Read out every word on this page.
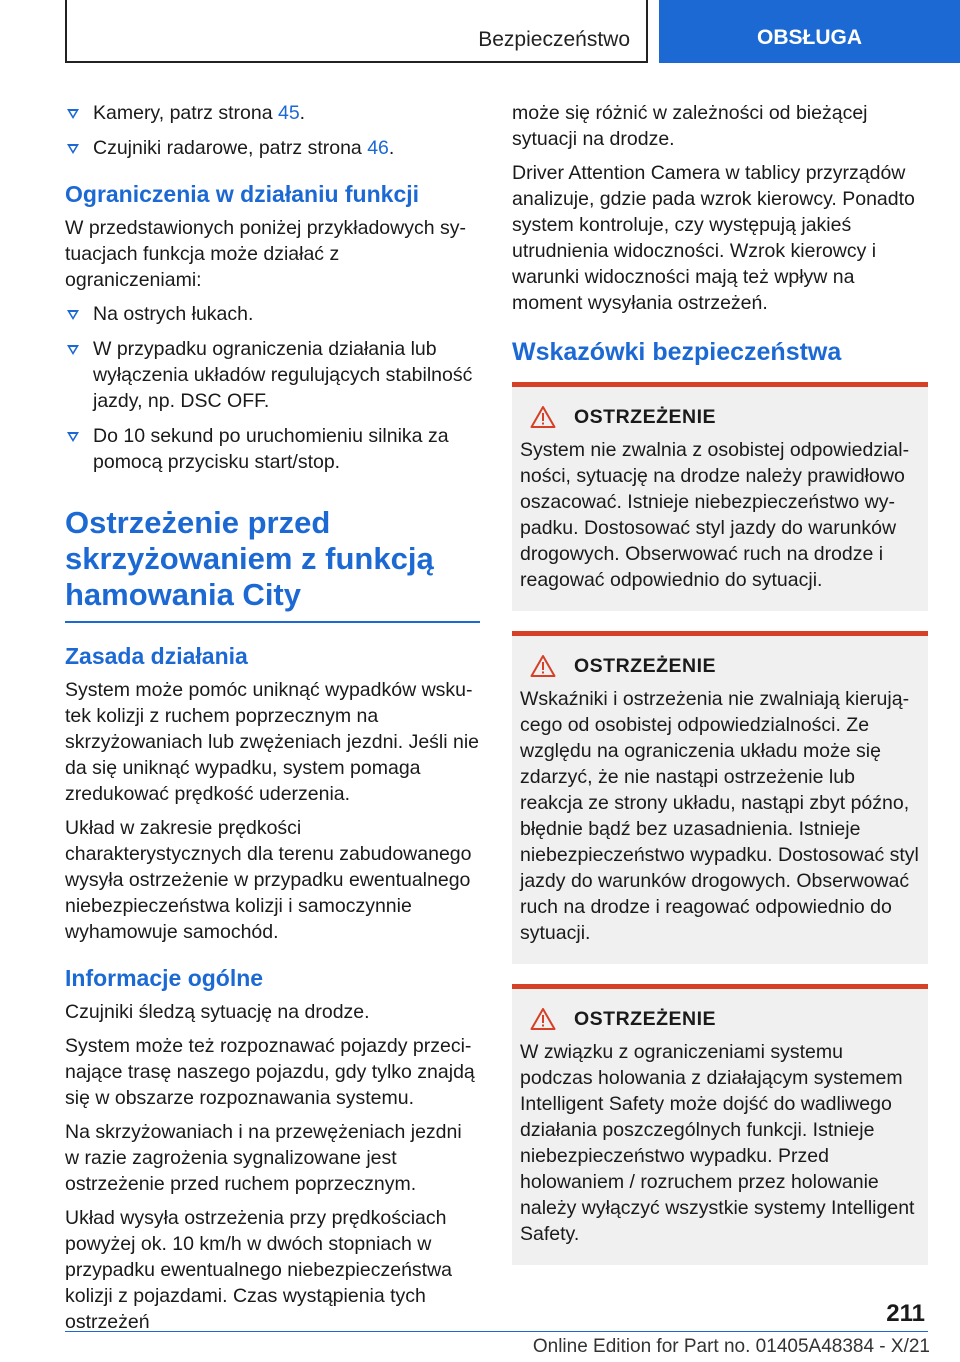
Bezpieczeństwo	OBSŁUGA
Kamery, patrz strona 45.
Czujniki radarowe, patrz strona 46.
Ograniczenia w działaniu funkcji

W przedstawionych poniżej przykładowych sytuacjach funkcja może działać z ograniczeniami:

Na ostrych łukach.
W przypadku ograniczenia działania lub wyłączenia układów regulujących stabilność jazdy, np. DSC OFF.
Do 10 sekund po uruchomieniu silnika za pomocą przycisku start/stop.
Ostrzeżenie przed skrzyżowaniem z funkcją hamowania City
Zasada działania

System może pomóc uniknąć wypadków wskutek kolizji z ruchem poprzecznym na skrzyżowaniach lub zwężeniach jezdni. Jeśli nie da się uniknąć wypadku, system pomaga zredukować prędkość uderzenia.

Układ w zakresie prędkości charakterystycznych dla terenu zabudowanego wysyła ostrzeżenie w przypadku ewentualnego niebezpieczeństwa kolizji i samoczynnie wyhamowuje samochód.

Informacje ogólne

Czujniki śledzą sytuację na drodze.

System może też rozpoznawać pojazdy przecinające trasę naszego pojazdu, gdy tylko znajdą się w obszarze rozpoznawania systemu.

Na skrzyżowaniach i na przewężeniach jezdni w razie zagrożenia sygnalizowane jest ostrzeżenie przed ruchem poprzecznym.

Układ wysyła ostrzeżenia przy prędkościach powyżej ok. 10 km/h w dwóch stopniach w przypadku ewentualnego niebezpieczeństwa kolizji z pojazdami. Czas wystąpienia tych ostrzeżeń

może się różnić w zależności od bieżącej sytuacji na drodze.

Driver Attention Camera w tablicy przyrządów analizuje, gdzie pada wzrok kierowcy. Ponadto system kontroluje, czy występują jakieś utrudnienia widoczności. Wzrok kierowcy i warunki widoczności mają też wpływ na moment wysyłania ostrzeżeń.

Wskazówki bezpieczeństwa
OSTRZEŻENIE

System nie zwalnia z osobistej odpowiedzialności, sytuację na drodze należy prawidłowo oszacować. Istnieje niebezpieczeństwo wypadku. Dostosować styl jazdy do warunków drogowych. Obserwować ruch na drodze i reagować odpowiednio do sytuacji.

OSTRZEŻENIE

Wskaźniki i ostrzeżenia nie zwalniają kierującego od osobistej odpowiedzialności. Ze względu na ograniczenia układu może się zdarzyć, że nie nastąpi ostrzeżenie lub reakcja ze strony układu, nastąpi zbyt późno, błędnie bądź bez uzasadnienia. Istnieje niebezpieczeństwo wypadku. Dostosować styl jazdy do warunków drogowych. Obserwować ruch na drodze i reagować odpowiednio do sytuacji.

OSTRZEŻENIE

W związku z ograniczeniami systemu podczas holowania z działającym systemem Intelligent Safety może dojść do wadliwego działania poszczególnych funkcji. Istnieje niebezpieczeństwo wypadku. Przed holowaniem / rozruchem przez holowanie należy wyłączyć wszystkie systemy Intelligent Safety.

211
Online Edition for Part no. 01405A48384 - X/21
